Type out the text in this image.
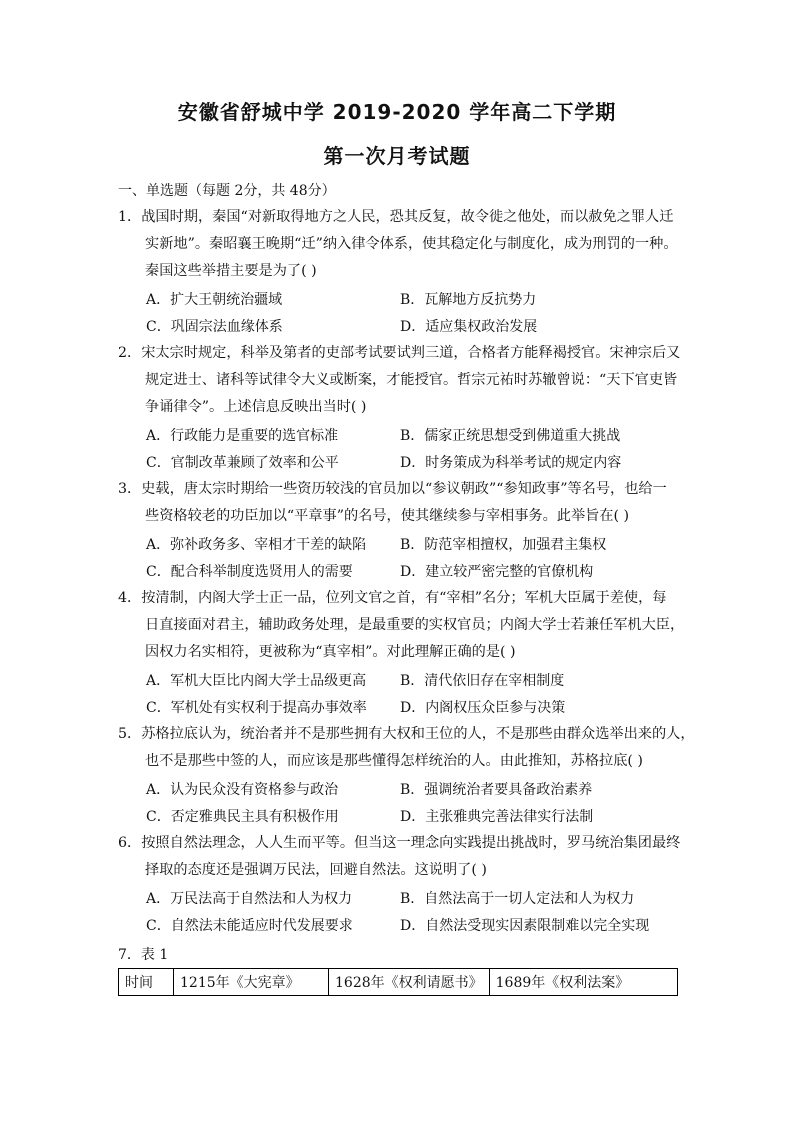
安徽省舒城中学 2019-2020 学年高二下学期
第一次月考试题
一、单选题（每题 2分，共 48分）
1．战国时期，秦国“对新取得地方之人民，恐其反复，故令徙之他处，而以赦免之罪人迁
实新地”。秦昭襄王晚期“迁”纳入律令体系，使其稳定化与制度化，成为刑罚的一种。
秦国这些举措主要是为了( )
A．扩大王朝统治疆域	B．瓦解地方反抗势力
C．巩固宗法血缘体系	D．适应集权政治发展
2．宋太宗时规定，科举及第者的吏部考试要试判三道，合格者方能释褐授官。宋神宗后又
规定进士、诸科等试律令大义或断案，才能授官。哲宗元祐时苏辙曾说：“天下官吏皆
争诵律令”。上述信息反映出当时( )
A．行政能力是重要的选官标准	B．儒家正统思想受到佛道重大挑战
C．官制改革兼顾了效率和公平	D．时务策成为科举考试的规定内容
3．史载，唐太宗时期给一些资历较浅的官员加以“参议朝政”“参知政事”等名号，也给一
些资格较老的功臣加以“平章事”的名号，使其继续参与宰相事务。此举旨在( )
A．弥补政务多、宰相才干差的缺陷 B．防范宰相擅权，加强君主集权
C．配合科举制度选贤用人的需要	D．建立较严密完整的官僚机构
4．按清制，内阁大学士正一品，位列文官之首，有“宰相”名分；军机大臣属于差使，每
日直接面对君主，辅助政务处理，是最重要的实权官员；内阁大学士若兼任军机大臣，
因权力名实相符，更被称为“真宰相”。对此理解正确的是( )
A．军机大臣比内阁大学士品级更高 B．清代依旧存在宰相制度
C．军机处有实权利于提高办事效率 D．内阁权压众臣参与决策
5．苏格拉底认为，统治者并不是那些拥有大权和王位的人，不是那些由群众选举出来的人，
也不是那些中签的人，而应该是那些懂得怎样统治的人。由此推知，苏格拉底( )
A．认为民众没有资格参与政治	B．强调统治者要具备政治素养
C．否定雅典民主具有积极作用	D．主张雅典完善法律实行法制
6．按照自然法理念，人人生而平等。但当这一理念向实践提出挑战时，罗马统治集团最终
择取的态度还是强调万民法，回避自然法。这说明了( )
A．万民法高于自然法和人为权力	B．自然法高于一切人定法和人为权力
C．自然法未能适应时代发展要求	D．自然法受现实因素限制难以完全实现
7．表 1
时间	1215年《大宪章》	1628年《权利请愿书》	1689年《权利法案》
